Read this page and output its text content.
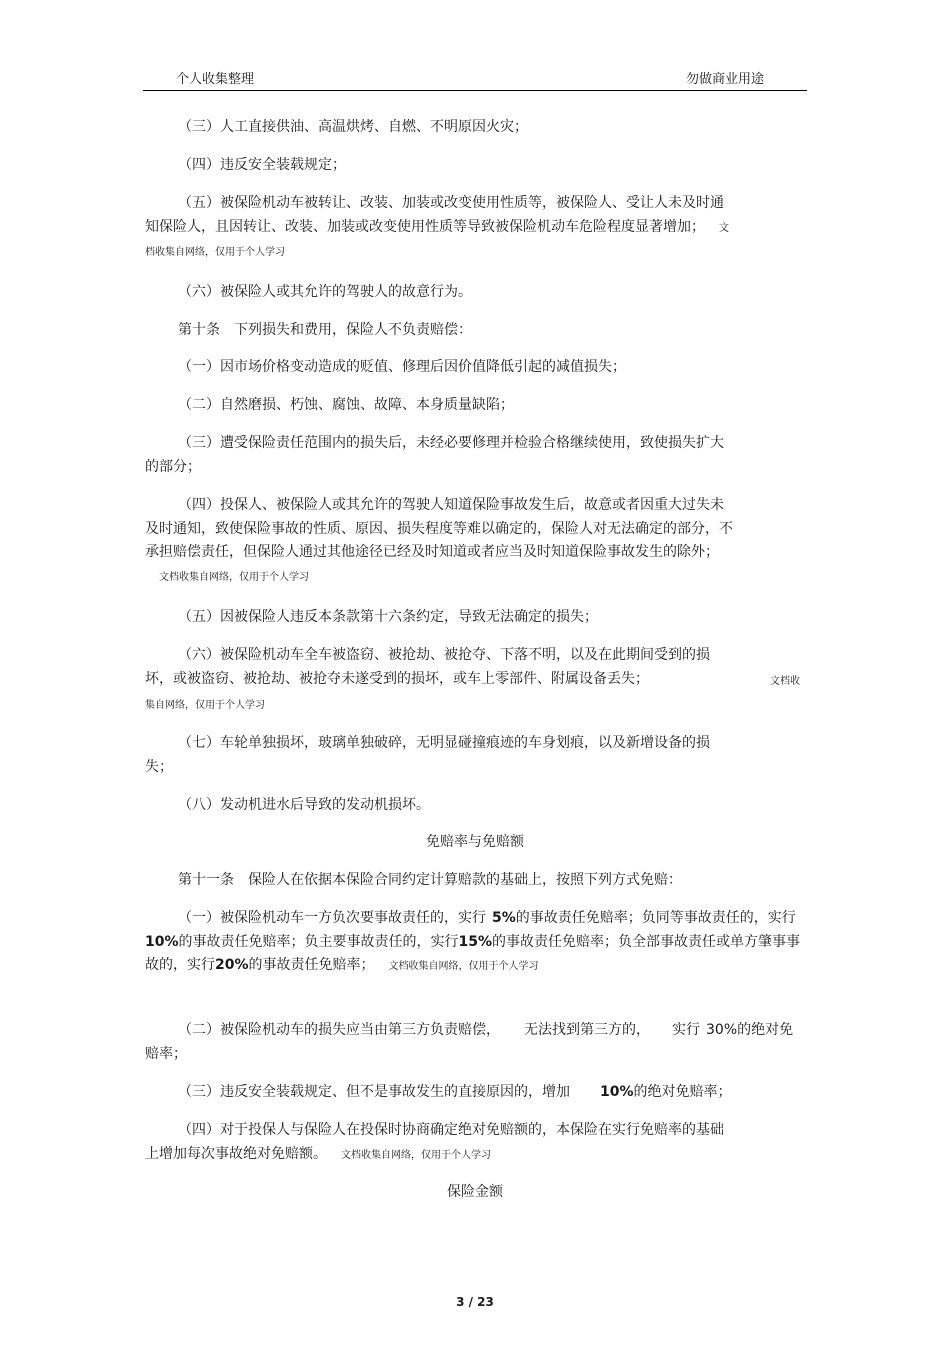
个人收集整理	勿做商业用途
（三）人工直接供油、高温烘烤、自燃、不明原因火灾；
（四）违反安全装载规定；
（五）被保险机动车被转让、改装、加装或改变使用性质等，被保险人、受让人未及时通知保险人，且因转让、改装、加装或改变使用性质等导致被保险机动车危险程度显著增加； 文档收集自网络，仅用于个人学习
（六）被保险人或其允许的驾驶人的故意行为。
第十条　下列损失和费用，保险人不负责赔偿：
（一）因市场价格变动造成的贬值、修理后因价值降低引起的减值损失；
（二）自然磨损、朽蚀、腐蚀、故障、本身质量缺陷；
（三）遭受保险责任范围内的损失后，未经必要修理并检验合格继续使用，致使损失扩大的部分；
（四）投保人、被保险人或其允许的驾驶人知道保险事故发生后，故意或者因重大过失未及时通知，致使保险事故的性质、原因、损失程度等难以确定的，保险人对无法确定的部分，不承担赔偿责任，但保险人通过其他途径已经及时知道或者应当及时知道保险事故发生的除外；文档收集自网络，仅用于个人学习
（五）因被保险人违反本条款第十六条约定，导致无法确定的损失；
（六）被保险机动车全车被盗窃、被抢劫、被抢夺、下落不明，以及在此期间受到的损坏，或被盗窃、被抢劫、被抢夺未遂受到的损坏，或车上零部件、附属设备丢失；	文档收
集自网络，仅用于个人学习
（七）车轮单独损坏，玻璃单独破碎，无明显碰撞痕迹的车身划痕，以及新增设备的损失；
（八）发动机进水后导致的发动机损坏。
免赔率与免赔额
第十一条　保险人在依据本保险合同约定计算赔款的基础上，按照下列方式免赔：
（一）被保险机动车一方负次要事故责任的，实行 5%的事故责任免赔率；负同等事故责任的，实行10%的事故责任免赔率；负主要事故责任的，实行15%的事故责任免赔率；负全部事故责任或单方肇事事故的，实行20%的事故责任免赔率； 文档收集自网络，仅用于个人学习
（二）被保险机动车的损失应当由第三方负责赔偿， 无法找到第三方的， 实行 30%的绝对免赔率；
（三）违反安全装载规定、但不是事故发生的直接原因的，增加 10%的绝对免赔率；
（四）对于投保人与保险人在投保时协商确定绝对免赔额的，本保险在实行免赔率的基础上增加每次事故绝对免赔额。 文档收集自网络，仅用于个人学习
保险金额
3 / 23
